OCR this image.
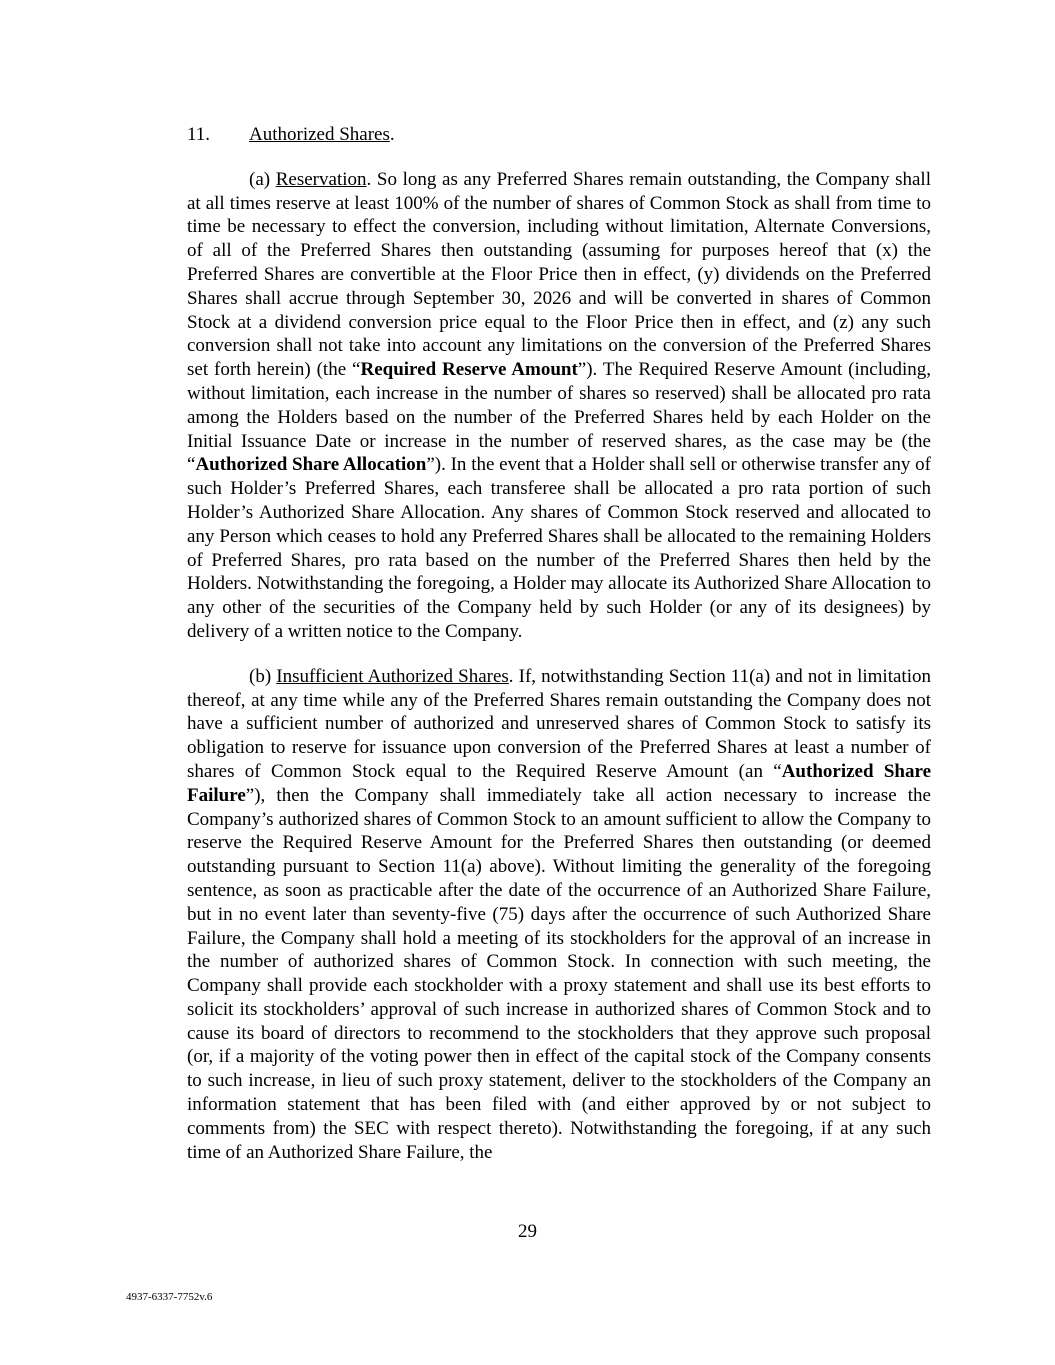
11. Authorized Shares.

(a) Reservation. So long as any Preferred Shares remain outstanding, the Company shall at all times reserve at least 100% of the number of shares of Common Stock as shall from time to time be necessary to effect the conversion, including without limitation, Alternate Conversions, of all of the Preferred Shares then outstanding (assuming for purposes hereof that (x) the Preferred Shares are convertible at the Floor Price then in effect, (y) dividends on the Preferred Shares shall accrue through September 30, 2026 and will be converted in shares of Common Stock at a dividend conversion price equal to the Floor Price then in effect, and (z) any such conversion shall not take into account any limitations on the conversion of the Preferred Shares set forth herein) (the “Required Reserve Amount”). The Required Reserve Amount (including, without limitation, each increase in the number of shares so reserved) shall be allocated pro rata among the Holders based on the number of the Preferred Shares held by each Holder on the Initial Issuance Date or increase in the number of reserved shares, as the case may be (the “Authorized Share Allocation”). In the event that a Holder shall sell or otherwise transfer any of such Holder’s Preferred Shares, each transferee shall be allocated a pro rata portion of such Holder’s Authorized Share Allocation. Any shares of Common Stock reserved and allocated to any Person which ceases to hold any Preferred Shares shall be allocated to the remaining Holders of Preferred Shares, pro rata based on the number of the Preferred Shares then held by the Holders. Notwithstanding the foregoing, a Holder may allocate its Authorized Share Allocation to any other of the securities of the Company held by such Holder (or any of its designees) by delivery of a written notice to the Company.

(b) Insufficient Authorized Shares. If, notwithstanding Section 11(a) and not in limitation thereof, at any time while any of the Preferred Shares remain outstanding the Company does not have a sufficient number of authorized and unreserved shares of Common Stock to satisfy its obligation to reserve for issuance upon conversion of the Preferred Shares at least a number of shares of Common Stock equal to the Required Reserve Amount (an “Authorized Share Failure”), then the Company shall immediately take all action necessary to increase the Company’s authorized shares of Common Stock to an amount sufficient to allow the Company to reserve the Required Reserve Amount for the Preferred Shares then outstanding (or deemed outstanding pursuant to Section 11(a) above). Without limiting the generality of the foregoing sentence, as soon as practicable after the date of the occurrence of an Authorized Share Failure, but in no event later than seventy-five (75) days after the occurrence of such Authorized Share Failure, the Company shall hold a meeting of its stockholders for the approval of an increase in the number of authorized shares of Common Stock. In connection with such meeting, the Company shall provide each stockholder with a proxy statement and shall use its best efforts to solicit its stockholders’ approval of such increase in authorized shares of Common Stock and to cause its board of directors to recommend to the stockholders that they approve such proposal (or, if a majority of the voting power then in effect of the capital stock of the Company consents to such increase, in lieu of such proxy statement, deliver to the stockholders of the Company an information statement that has been filed with (and either approved by or not subject to comments from) the SEC with respect thereto). Notwithstanding the foregoing, if at any such time of an Authorized Share Failure, the

29
4937-6337-7752v.6
